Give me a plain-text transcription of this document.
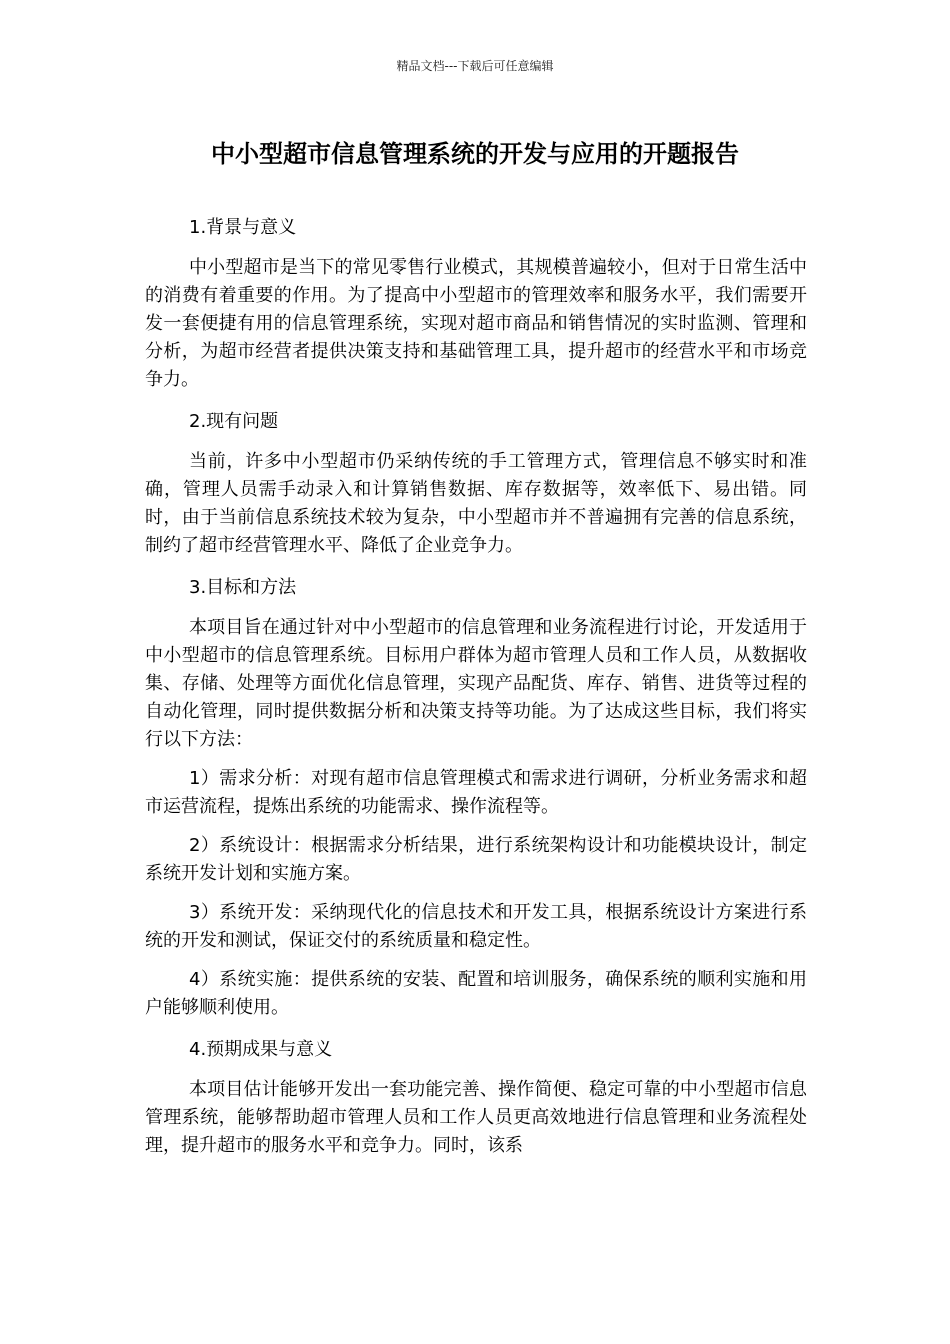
精品文档---下载后可任意编辑
中小型超市信息管理系统的开发与应用的开题报告

1.背景与意义

中小型超市是当下的常见零售行业模式，其规模普遍较小，但对于日常生活中的消费有着重要的作用。为了提高中小型超市的管理效率和服务水平，我们需要开发一套便捷有用的信息管理系统，实现对超市商品和销售情况的实时监测、管理和分析，为超市经营者提供决策支持和基础管理工具，提升超市的经营水平和市场竞争力。

2.现有问题

当前，许多中小型超市仍采纳传统的手工管理方式，管理信息不够实时和准确，管理人员需手动录入和计算销售数据、库存数据等，效率低下、易出错。同时，由于当前信息系统技术较为复杂，中小型超市并不普遍拥有完善的信息系统，制约了超市经营管理水平、降低了企业竞争力。

3.目标和方法

本项目旨在通过针对中小型超市的信息管理和业务流程进行讨论，开发适用于中小型超市的信息管理系统。目标用户群体为超市管理人员和工作人员，从数据收集、存储、处理等方面优化信息管理，实现产品配货、库存、销售、进货等过程的自动化管理，同时提供数据分析和决策支持等功能。为了达成这些目标，我们将实行以下方法：

1）需求分析：对现有超市信息管理模式和需求进行调研，分析业务需求和超市运营流程，提炼出系统的功能需求、操作流程等。

2）系统设计：根据需求分析结果，进行系统架构设计和功能模块设计，制定系统开发计划和实施方案。

3）系统开发：采纳现代化的信息技术和开发工具，根据系统设计方案进行系统的开发和测试，保证交付的系统质量和稳定性。

4）系统实施：提供系统的安装、配置和培训服务，确保系统的顺利实施和用户能够顺利使用。

4.预期成果与意义

本项目估计能够开发出一套功能完善、操作简便、稳定可靠的中小型超市信息管理系统，能够帮助超市管理人员和工作人员更高效地进行信息管理和业务流程处理，提升超市的服务水平和竞争力。同时，该系
